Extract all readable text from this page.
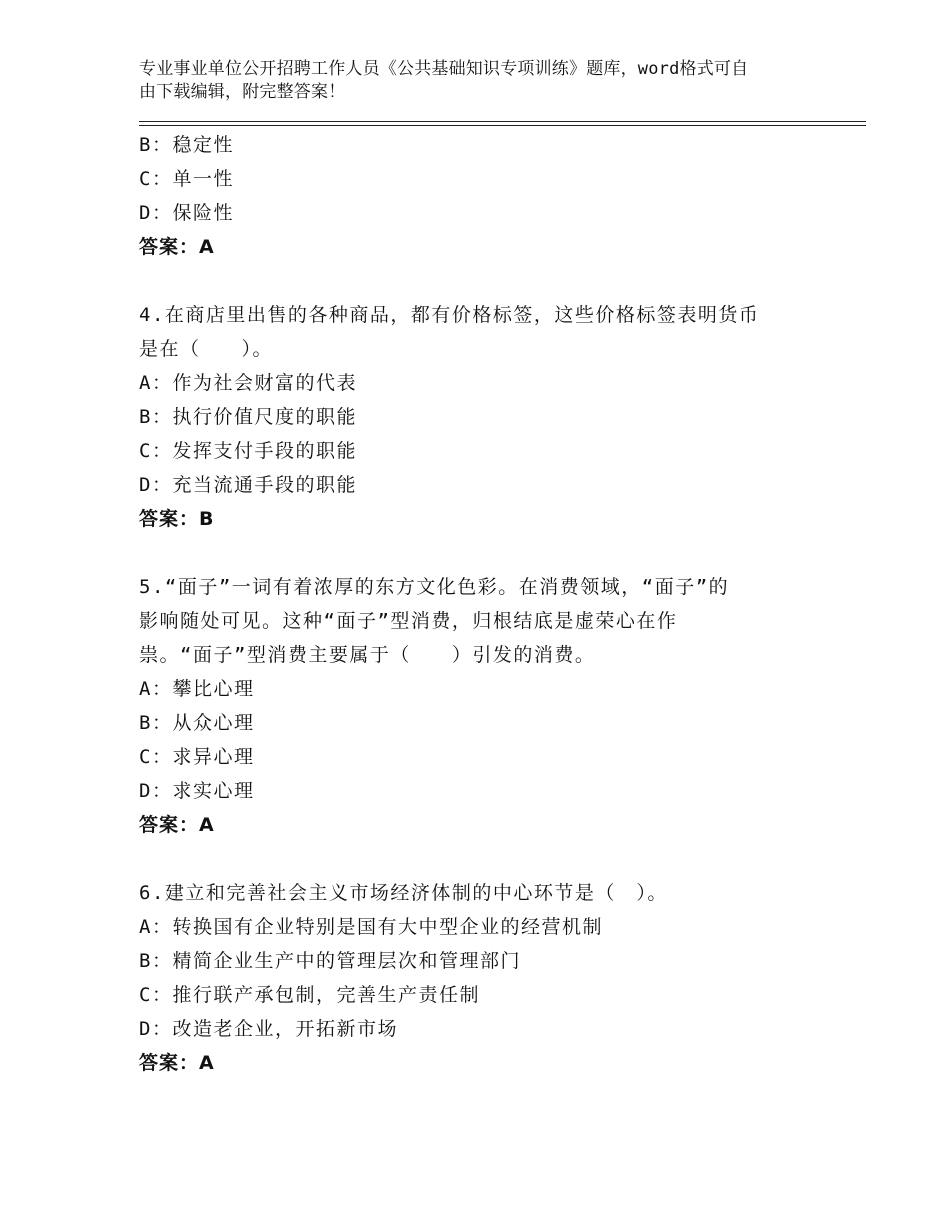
专业事业单位公开招聘工作人员《公共基础知识专项训练》题库，word格式可自
由下载编辑，附完整答案！
B：稳定性
C：单一性
D：保险性
答案：A
4.在商店里出售的各种商品，都有价格标签，这些价格标签表明货币
是在（　　）。
A：作为社会财富的代表
B：执行价值尺度的职能
C：发挥支付手段的职能
D：充当流通手段的职能
答案：B
5.“面子”一词有着浓厚的东方文化色彩。在消费领域，“面子”的
影响随处可见。这种“面子”型消费，归根结底是虚荣心在作
祟。“面子”型消费主要属于（　　）引发的消费。
A：攀比心理
B：从众心理
C：求异心理
D：求实心理
答案：A
6.建立和完善社会主义市场经济体制的中心环节是（　）。
A：转换国有企业特别是国有大中型企业的经营机制
B：精简企业生产中的管理层次和管理部门
C：推行联产承包制，完善生产责任制
D：改造老企业，开拓新市场
答案：A
